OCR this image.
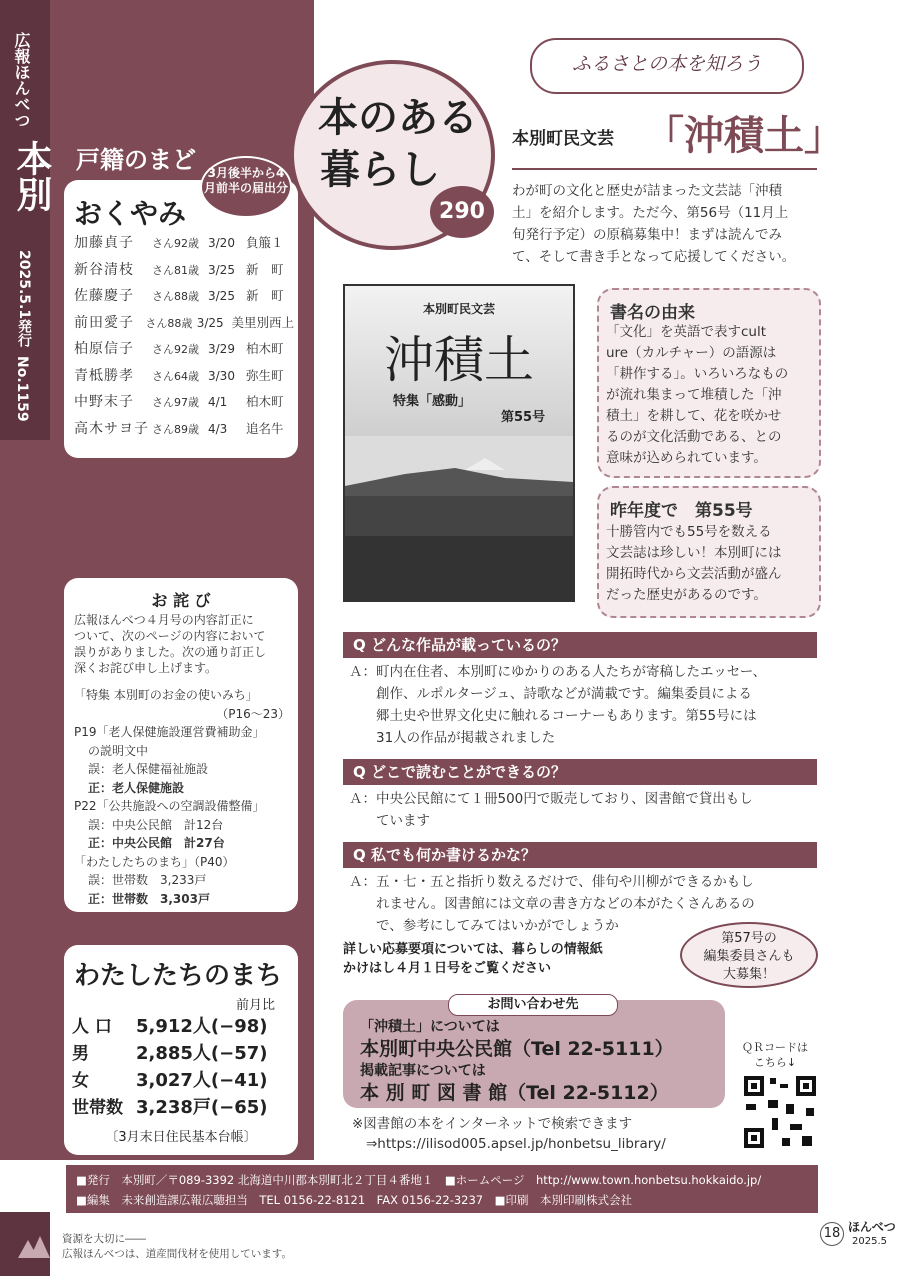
広報ほんべつ
本別
2025.5.1発行
No.1159
戸籍のまど
おくやみ
3月後半から4月前半の届出分
加藤貞子	さん92歳 3/20 負箙１
新谷清枝	さん81歳 3/25 新　町
佐藤慶子	さん88歳 3/25 新　町
前田愛子	さん88歳 3/25 美里別西上
柏原信子	さん92歳 3/29 柏木町
青柢勝孝	さん64歳 3/30 弥生町
中野末子	さん97歳 4/1	柏木町
高木サヨ子 さん89歳 4/3	追名牛
お 詫 び
広報ほんべつ４月号の内容訂正に
ついて、次のページの内容において
誤りがありました。次の通り訂正し
深くお詫び申し上げます。
「特集 本別町のお金の使いみち」
（P16～23）
P19「老人保健施設運営費補助金」
の説明文中
誤：老人保健福祉施設
正：老人保健施設
P22「公共施設への空調設備整備」
誤：中央公民館　計12台
正：中央公民館　計27台
「わたしたちのまち」（P40）
誤：世帯数　3,233戸
正：世帯数　3,303戸
わたしたちのまち
前月比
人 口	5,912人(−98)
男	2,885人(−57)
女	3,027人(−41)
世帯数 3,238戸(−65)
〔3月末日住民基本台帳〕
本のある
暮らし
290
ふるさとの本を知ろう
本別町民文芸 「沖積土」
わが町の文化と歴史が詰まった文芸誌「沖積
土」を紹介します。ただ今、第56号（11月上
旬発行予定）の原稿募集中！まずは読んでみ
て、そして書き手となって応援してください。
本別町民文芸
沖積土
特集「感動」
第55号
書名の由来
「文化」を英語で表すcult
ure（カルチャー）の語源は
「耕作する」。いろいろなもの
が流れ集まって堆積した「沖
積土」を耕して、花を咲かせ
るのが文化活動である、との
意味が込められています。
昨年度で　第55号
十勝管内でも55号を数える
文芸誌は珍しい！本別町には
開拓時代から文芸活動が盛ん
だった歴史があるのです。
Q どんな作品が載っているの？
Ａ：町内在住者、本別町にゆかりのある人たちが寄稿したエッセー、
　　創作、ルポルタージュ、詩歌などが満載です。編集委員による
　　郷土史や世界文化史に触れるコーナーもあります。第55号には
　　31人の作品が掲載されました
Q どこで読むことができるの？
Ａ：中央公民館にて１冊500円で販売しており、図書館で貸出もし
　　ています
Q 私でも何か書けるかな？
Ａ：五・七・五と指折り数えるだけで、俳句や川柳ができるかもし
　　れません。図書館には文章の書き方などの本がたくさんあるの
　　で、参考にしてみてはいかがでしょうか
詳しい応募要項については、暮らしの情報紙
かけはし４月１日号をご覧ください
第57号の
編集委員さんも
大募集！
お問い合わせ先
「沖積土」については
本別町中央公民館（Tel 22-5111）
掲載記事については
本 別 町 図 書 館（Tel 22-5112）
ＱＲコードは
こちら↓
※図書館の本をインターネットで検索できます
⇒https://ilisod005.apsel.jp/honbetsu_library/
■発行　本別町／〒089-3392 北海道中川郡本別町北２丁目４番地１　■ホームページ　http://www.town.honbetsu.hokkaido.jp/
■編集　未来創造課広報広聴担当　TEL 0156-22-8121　FAX 0156-22-3237　■印刷　本別印刷株式会社
資源を大切に――
広報ほんべつは、道産間伐材を使用しています。
18 ほんべつ
2025.5
